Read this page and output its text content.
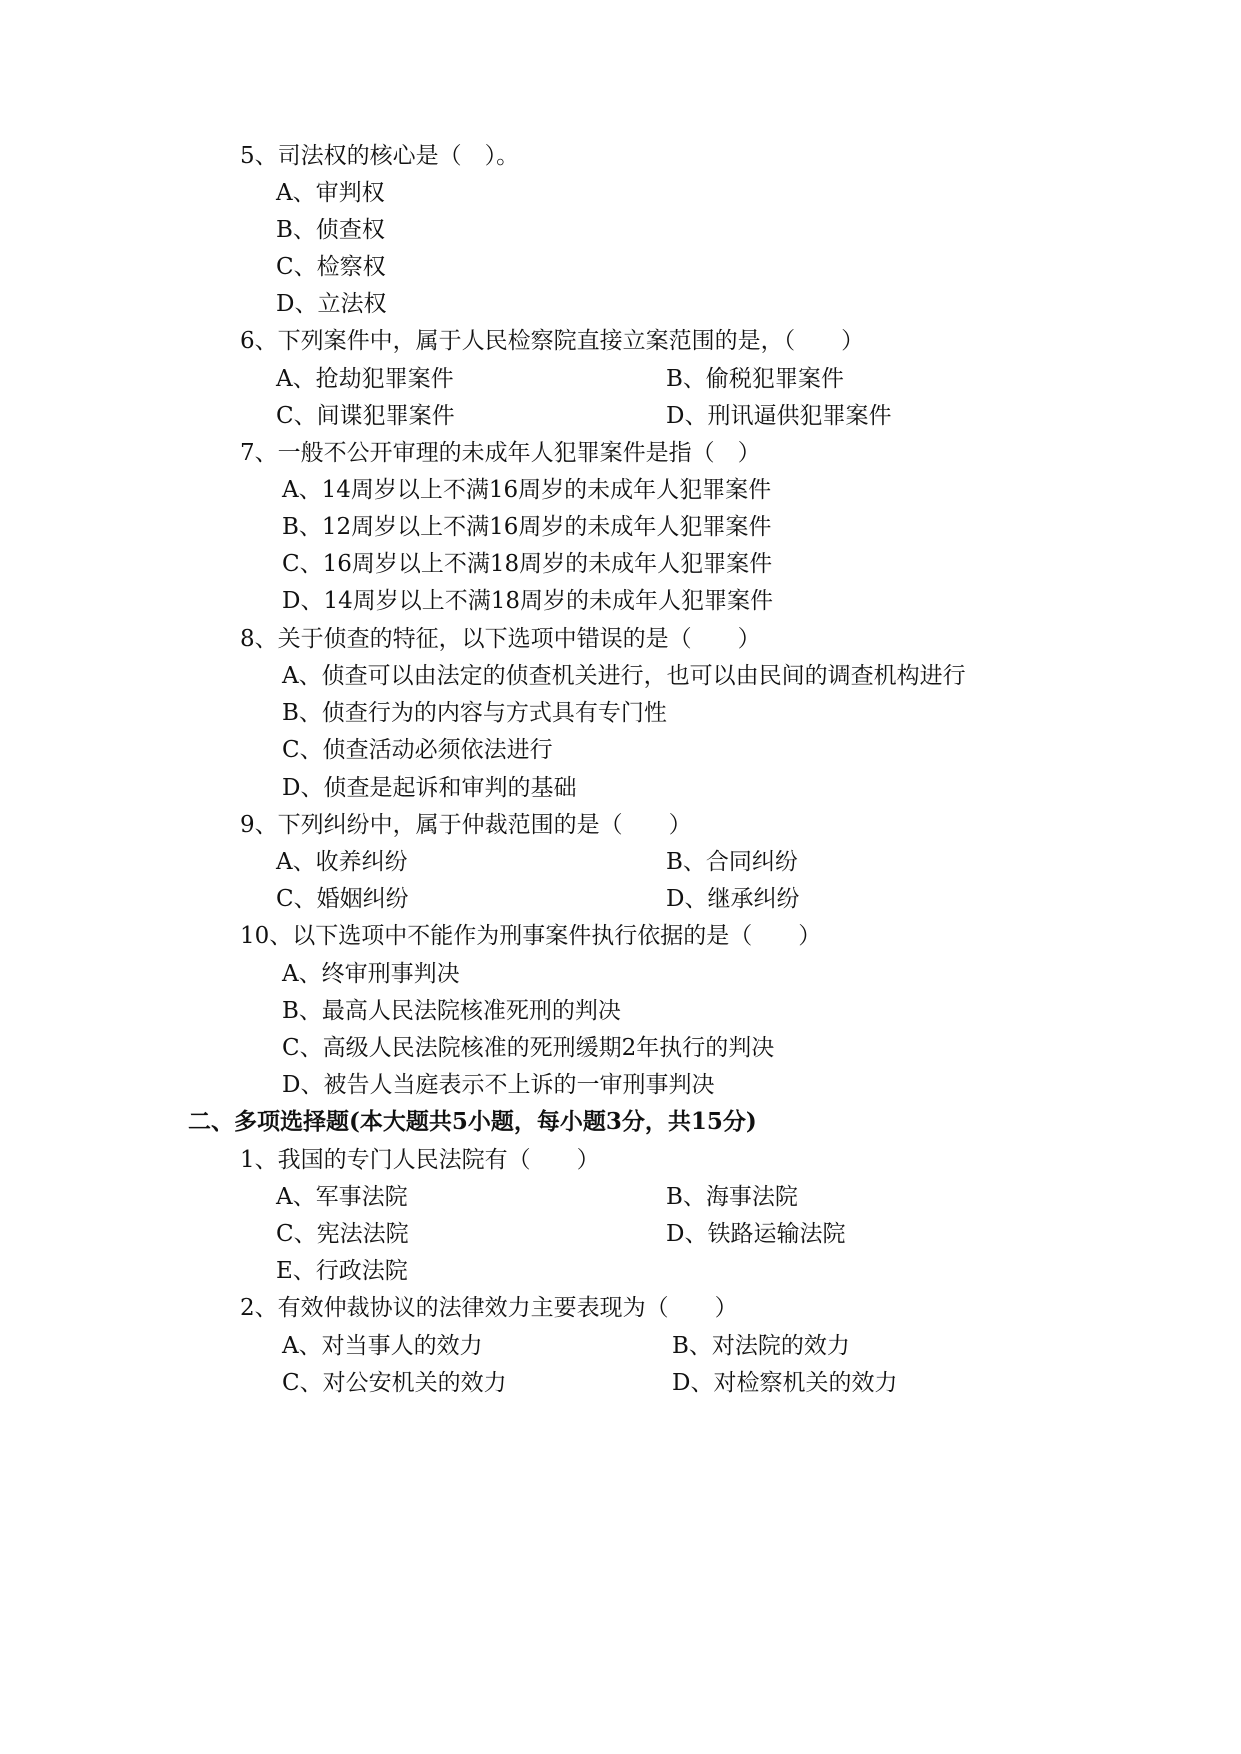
5、司法权的核心是（　）。
A、审判权
B、侦查权
C、检察权
D、立法权
6、下列案件中，属于人民检察院直接立案范围的是，（　　）
A、抢劫犯罪案件	B、偷税犯罪案件
C、间谍犯罪案件	D、刑讯逼供犯罪案件
7、一般不公开审理的未成年人犯罪案件是指（　）
A、14周岁以上不满16周岁的未成年人犯罪案件
B、12周岁以上不满16周岁的未成年人犯罪案件
C、16周岁以上不满18周岁的未成年人犯罪案件
D、14周岁以上不满18周岁的未成年人犯罪案件
8、关于侦查的特征，以下选项中错误的是（　　）
A、侦查可以由法定的侦查机关进行，也可以由民间的调查机构进行
B、侦查行为的内容与方式具有专门性
C、侦查活动必须依法进行
D、侦查是起诉和审判的基础
9、下列纠纷中，属于仲裁范围的是（　　）
A、收养纠纷	B、合同纠纷
C、婚姻纠纷	D、继承纠纷
10、以下选项中不能作为刑事案件执行依据的是（　　）
A、终审刑事判决
B、最高人民法院核准死刑的判决
C、高级人民法院核准的死刑缓期2年执行的判决
D、被告人当庭表示不上诉的一审刑事判决
二、多项选择题(本大题共5小题，每小题3分，共15分)
1、我国的专门人民法院有（　　）
A、军事法院	B、海事法院
C、宪法法院	D、铁路运输法院
E、行政法院
2、有效仲裁协议的法律效力主要表现为（　　）
A、对当事人的效力	B、对法院的效力
C、对公安机关的效力	D、对检察机关的效力
